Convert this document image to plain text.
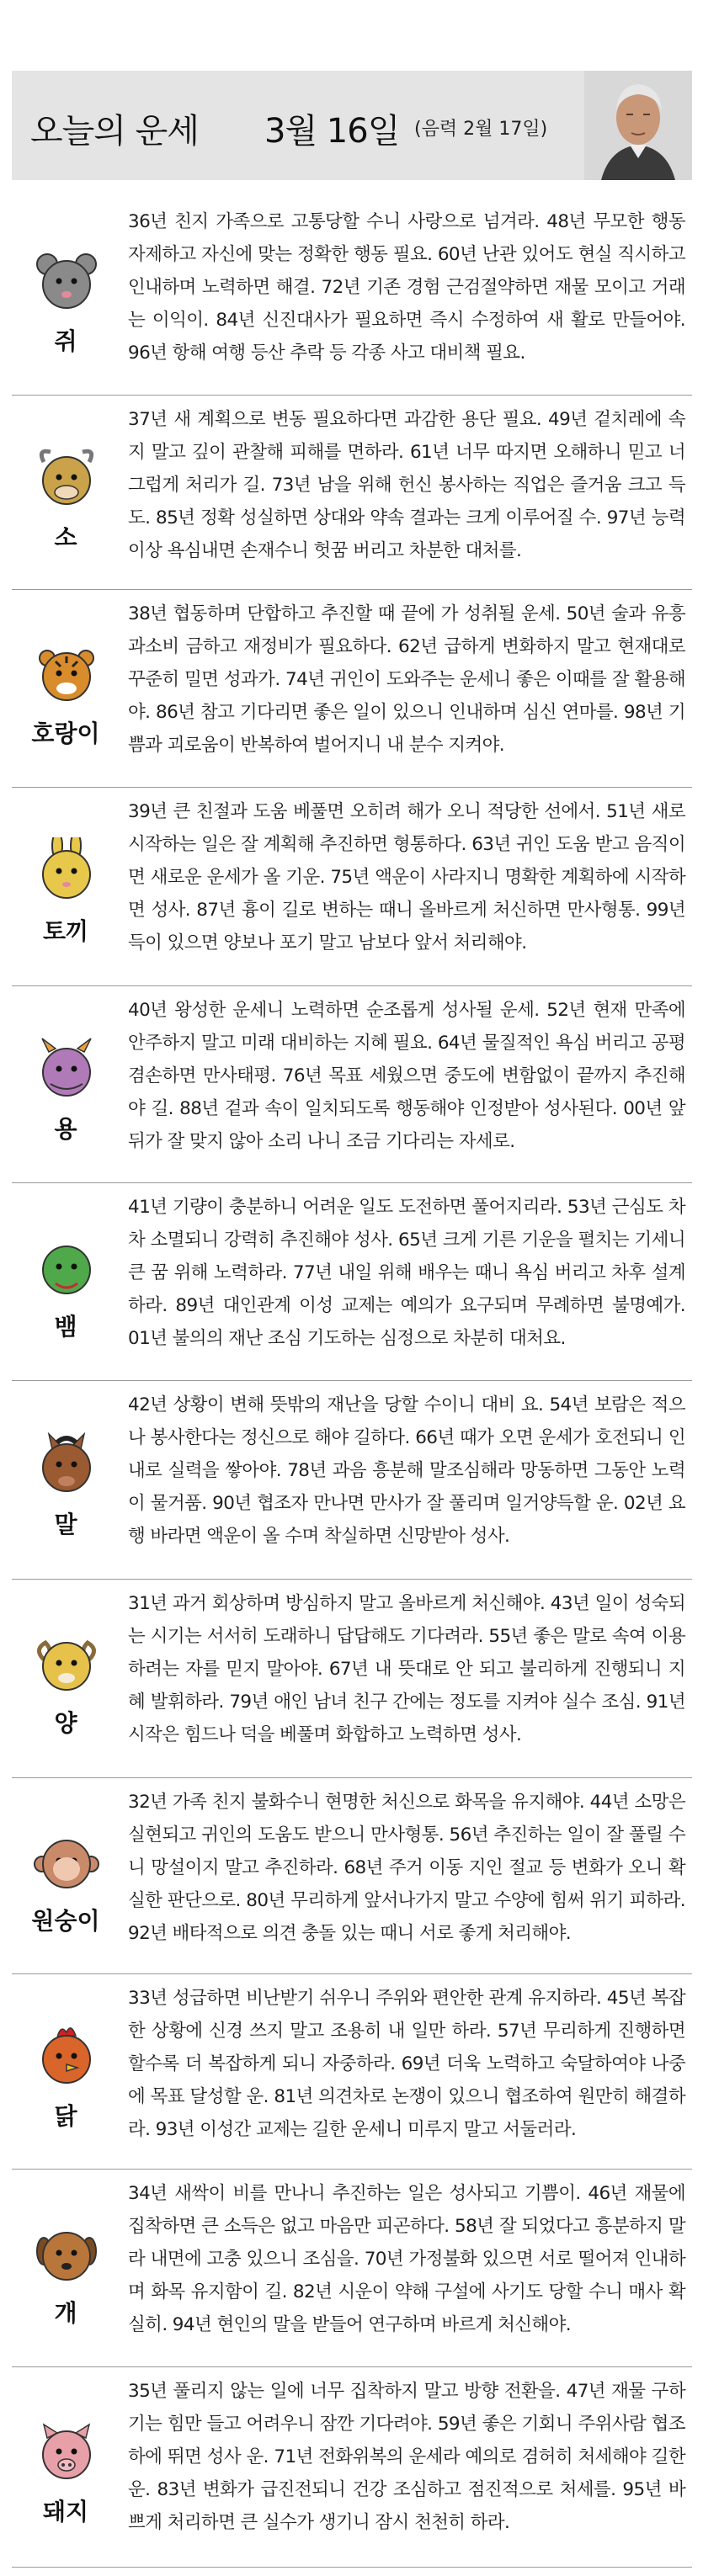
오늘의 운세 3월 16일 (음력 2월 17일)
쥐
36년 친지 가족으로 고통당할 수니 사랑으로 넘겨라. 48년 무모한 행동 자제하고 자신에 맞는 정확한 행동 필요. 60년 난관 있어도 현실 직시하고 인내하며 노력하면 해결. 72년 기존 경험 근검절약하면 재물 모이고 거래는 이익이. 84년 신진대사가 필요하면 즉시 수정하여 새 활로 만들어야. 96년 항해 여행 등산 추락 등 각종 사고 대비책 필요.
소
37년 새 계획으로 변동 필요하다면 과감한 용단 필요. 49년 겉치레에 속지 말고 깊이 관찰해 피해를 면하라. 61년 너무 따지면 오해하니 믿고 너그럽게 처리가 길. 73년 남을 위해 헌신 봉사하는 직업은 즐거움 크고 득도. 85년 정확 성실하면 상대와 약속 결과는 크게 이루어질 수. 97년 능력 이상 욕심내면 손재수니 헛꿈 버리고 차분한 대처를.
호랑이
38년 협동하며 단합하고 추진할 때 끝에 가 성취될 운세. 50년 술과 유흥 과소비 금하고 재정비가 필요하다. 62년 급하게 변화하지 말고 현재대로 꾸준히 밀면 성과가. 74년 귀인이 도와주는 운세니 좋은 이때를 잘 활용해야. 86년 참고 기다리면 좋은 일이 있으니 인내하며 심신 연마를. 98년 기쁨과 괴로움이 반복하여 벌어지니 내 분수 지켜야.
토끼
39년 큰 친절과 도움 베풀면 오히려 해가 오니 적당한 선에서. 51년 새로 시작하는 일은 잘 계획해 추진하면 형통하다. 63년 귀인 도움 받고 음직이면 새로운 운세가 올 기운. 75년 액운이 사라지니 명확한 계획하에 시작하면 성사. 87년 흉이 길로 변하는 때니 올바르게 처신하면 만사형통. 99년 득이 있으면 양보나 포기 말고 남보다 앞서 처리해야.
용
40년 왕성한 운세니 노력하면 순조롭게 성사될 운세. 52년 현재 만족에 안주하지 말고 미래 대비하는 지혜 필요. 64년 물질적인 욕심 버리고 공평 겸손하면 만사태평. 76년 목표 세웠으면 중도에 변함없이 끝까지 추진해야 길. 88년 겉과 속이 일치되도록 행동해야 인정받아 성사된다. 00년 앞뒤가 잘 맞지 않아 소리 나니 조금 기다리는 자세로.
뱀
41년 기량이 충분하니 어려운 일도 도전하면 풀어지리라. 53년 근심도 차차 소멸되니 강력히 추진해야 성사. 65년 크게 기른 기운을 펼치는 기세니 큰 꿈 위해 노력하라. 77년 내일 위해 배우는 때니 욕심 버리고 차후 설계하라. 89년 대인관계 이성 교제는 예의가 요구되며 무례하면 불명예가. 01년 불의의 재난 조심 기도하는 심정으로 차분히 대처요.
말
42년 상황이 변해 뜻밖의 재난을 당할 수이니 대비 요. 54년 보람은 적으나 봉사한다는 정신으로 해야 길하다. 66년 때가 오면 운세가 호전되니 인내로 실력을 쌓아야. 78년 과음 흥분해 말조심해라 망동하면 그동안 노력이 물거품. 90년 협조자 만나면 만사가 잘 풀리며 일거양득할 운. 02년 요행 바라면 액운이 올 수며 착실하면 신망받아 성사.
양
31년 과거 회상하며 방심하지 말고 올바르게 처신해야. 43년 일이 성숙되는 시기는 서서히 도래하니 답답해도 기다려라. 55년 좋은 말로 속여 이용하려는 자를 믿지 말아야. 67년 내 뜻대로 안 되고 불리하게 진행되니 지혜 발휘하라. 79년 애인 남녀 친구 간에는 정도를 지켜야 실수 조심. 91년 시작은 힘드나 덕을 베풀며 화합하고 노력하면 성사.
원숭이
32년 가족 친지 불화수니 현명한 처신으로 화목을 유지해야. 44년 소망은 실현되고 귀인의 도움도 받으니 만사형통. 56년 추진하는 일이 잘 풀릴 수니 망설이지 말고 추진하라. 68년 주거 이동 지인 절교 등 변화가 오니 확실한 판단으로. 80년 무리하게 앞서나가지 말고 수양에 힘써 위기 피하라. 92년 배타적으로 의견 충돌 있는 때니 서로 좋게 처리해야.
닭
33년 성급하면 비난받기 쉬우니 주위와 편안한 관계 유지하라. 45년 복잡한 상황에 신경 쓰지 말고 조용히 내 일만 하라. 57년 무리하게 진행하면 할수록 더 복잡하게 되니 자중하라. 69년 더욱 노력하고 숙달하여야 나중에 목표 달성할 운. 81년 의견차로 논쟁이 있으니 협조하여 원만히 해결하라. 93년 이성간 교제는 길한 운세니 미루지 말고 서둘러라.
개
34년 새싹이 비를 만나니 추진하는 일은 성사되고 기쁨이. 46년 재물에 집착하면 큰 소득은 없고 마음만 피곤하다. 58년 잘 되었다고 흥분하지 말라 내면에 고충 있으니 조심을. 70년 가정불화 있으면 서로 떨어져 인내하며 화목 유지함이 길. 82년 시운이 약해 구설에 사기도 당할 수니 매사 확실히. 94년 현인의 말을 받들어 연구하며 바르게 처신해야.
돼지
35년 풀리지 않는 일에 너무 집착하지 말고 방향 전환을. 47년 재물 구하기는 힘만 들고 어려우니 잠깐 기다려야. 59년 좋은 기회니 주위사람 협조하에 뛰면 성사 운. 71년 전화위복의 운세라 예의로 겸허히 처세해야 길한 운. 83년 변화가 급진전되니 건강 조심하고 점진적으로 처세를. 95년 바쁘게 처리하면 큰 실수가 생기니 잠시 천천히 하라.
